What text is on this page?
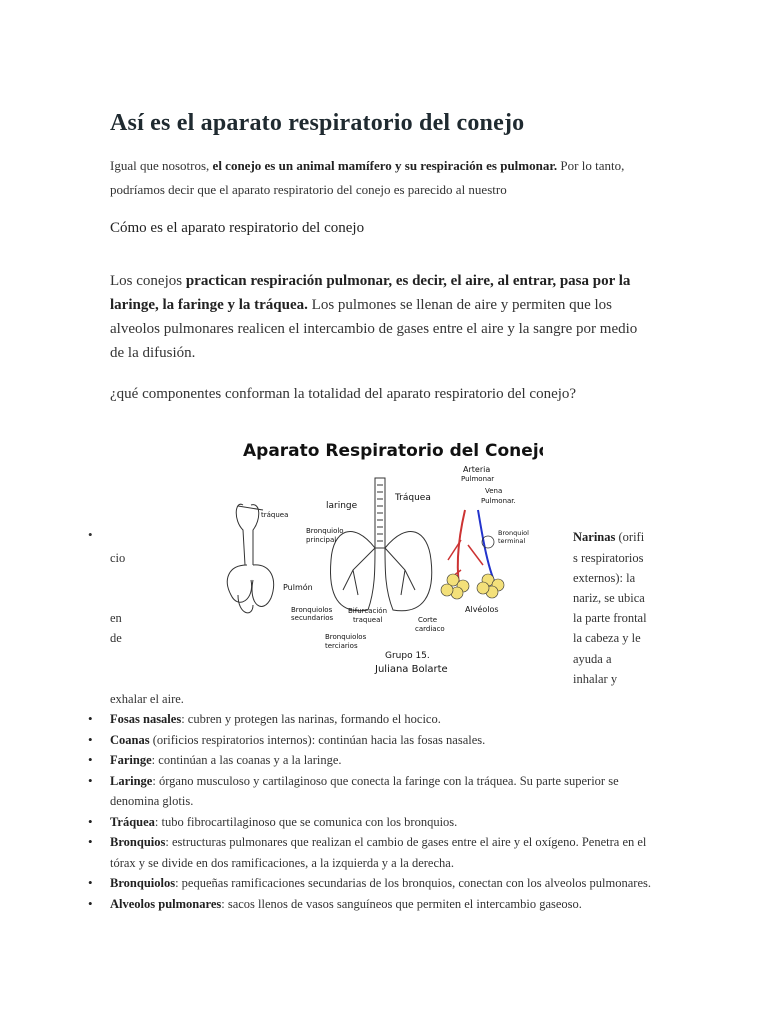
Así es el aparato respiratorio del conejo

Igual que nosotros, el conejo es un animal mamífero y su respiración es pulmonar. Por lo tanto, podríamos decir que el aparato respiratorio del conejo es parecido al nuestro

Cómo es el aparato respiratorio del conejo

Los conejos practican respiración pulmonar, es decir, el aire, al entrar, pasa por la laringe, la faringe y la tráquea. Los pulmones se llenan de aire y permiten que los alveolos pulmonares realicen el intercambio de gases entre el aire y la sangre por medio de la difusión.

¿qué componentes conforman la totalidad del aparato respiratorio del conejo?

Aparato Respiratorio del Conejo
tráquea
Pulmón
laringe
Tráquea
Bronquiolo
principal
Bronquiolos
secundarios
Bifurcación
traqueal	Corte
cardiaco
Bronquiolos
terciarios
Grupo 15.
Juliana Bolarte
Arteria
Pulmonar
Vena
Pulmonar.
Bronquiol
terminal
Alvéolos
•	Narinas (orifi
cio	s respiratorios
externos): la
nariz, se ubica
en	la parte frontal
de	la cabeza y le
ayuda a
inhalar y
exhalar el aire.
• Fosas nasales: cubren y protegen las narinas, formando el hocico.
• Coanas (orificios respiratorios internos): continúan hacia las fosas nasales.
• Faringe: continúan a las coanas y a la laringe.
• Laringe: órgano musculoso y cartilaginoso que conecta la faringe con la tráquea. Su parte superior se denomina glotis.
• Tráquea: tubo fibrocartilaginoso que se comunica con los bronquios.
• Bronquios: estructuras pulmonares que realizan el cambio de gases entre el aire y el oxígeno. Penetra en el tórax y se divide en dos ramificaciones, a la izquierda y a la derecha.
• Bronquiolos: pequeñas ramificaciones secundarias de los bronquios, conectan con los alveolos pulmonares.
• Alveolos pulmonares: sacos llenos de vasos sanguíneos que permiten el intercambio gaseoso.
